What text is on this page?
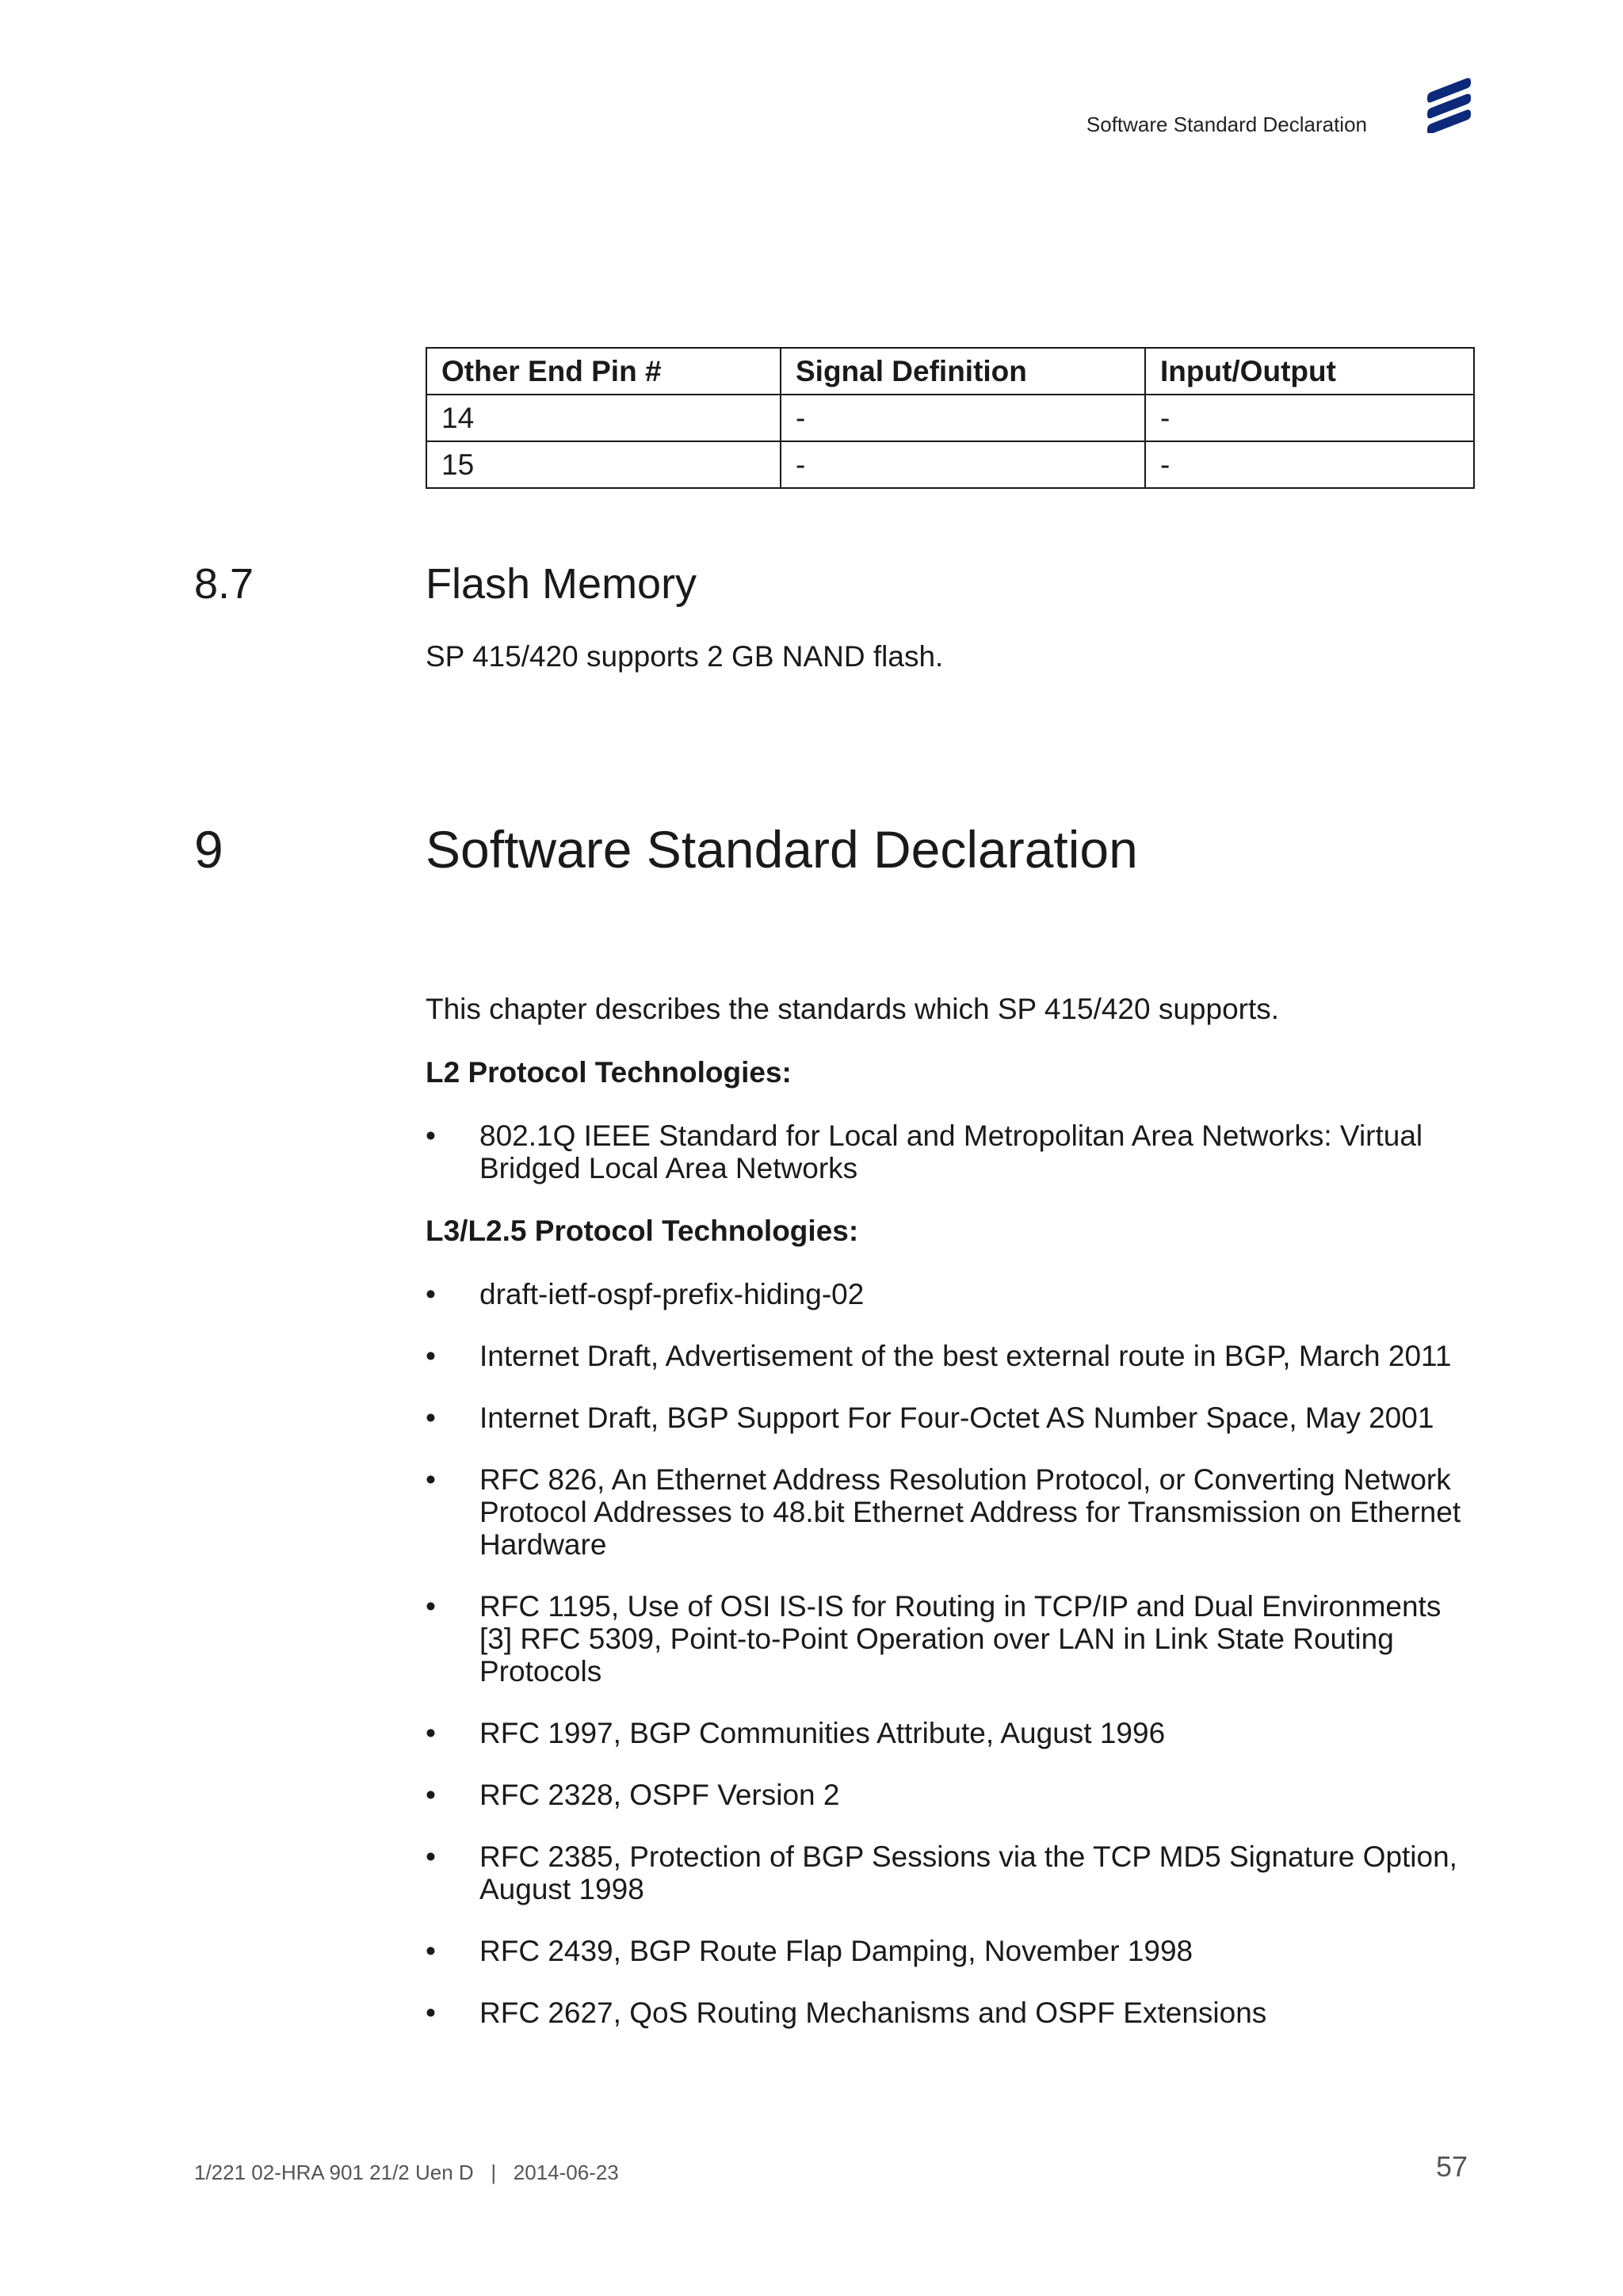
Software Standard Declaration
Other End Pin #	Signal Definition	Input/Output
14	-	-
15	-	-
8.7	Flash Memory
SP 415/420 supports 2 GB NAND flash.
9	Software Standard Declaration
This chapter describes the standards which SP 415/420 supports.
L2 Protocol Technologies:
• 802.1Q IEEE Standard for Local and Metropolitan Area Networks: Virtual Bridged Local Area Networks
L3/L2.5 Protocol Technologies:
• draft-ietf-ospf-prefix-hiding-02
• Internet Draft, Advertisement of the best external route in BGP, March 2011
• Internet Draft, BGP Support For Four-Octet AS Number Space, May 2001
• RFC 826, An Ethernet Address Resolution Protocol, or Converting Network Protocol Addresses to 48.bit Ethernet Address for Transmission on Ethernet Hardware
• RFC 1195, Use of OSI IS-IS for Routing in TCP/IP and Dual Environments [3] RFC 5309, Point-to-Point Operation over LAN in Link State Routing Protocols
• RFC 1997, BGP Communities Attribute, August 1996
• RFC 2328, OSPF Version 2
• RFC 2385, Protection of BGP Sessions via the TCP MD5 Signature Option, August 1998
• RFC 2439, BGP Route Flap Damping, November 1998
• RFC 2627, QoS Routing Mechanisms and OSPF Extensions
1/221 02-HRA 901 21/2 Uen D   |   2014-06-23	57
